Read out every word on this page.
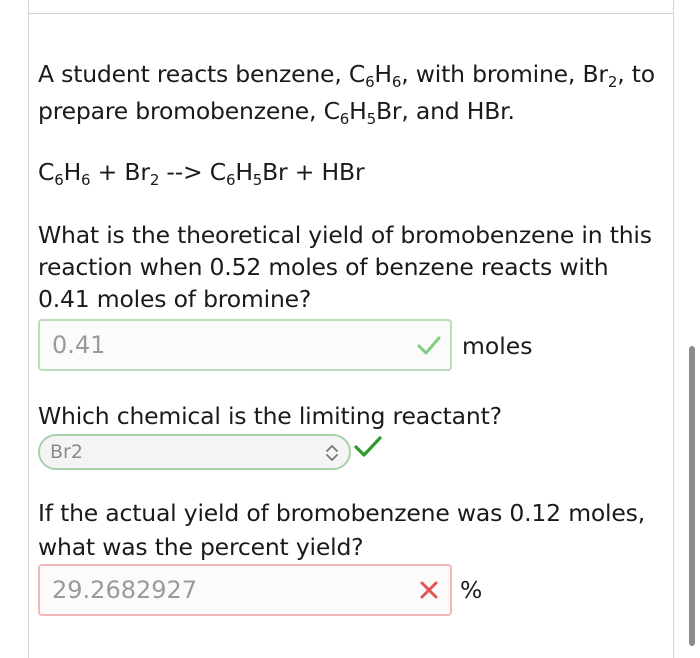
A student reacts benzene, $C_6H_6$, with bromine, $Br_2$, to prepare bromobenzene, $C_6H_5Br$, and HBr.

$C_6H_6 + Br_2$ --> $C_6H_5Br$ + HBr

What is the theoretical yield of bromobenzene in this reaction when 0.52 moles of benzene reacts with 0.41 moles of bromine?

0.41	moles

Which chemical is the limiting reactant?

Br2

If the actual yield of bromobenzene was 0.12 moles, what was the percent yield?

29.2682927	%
